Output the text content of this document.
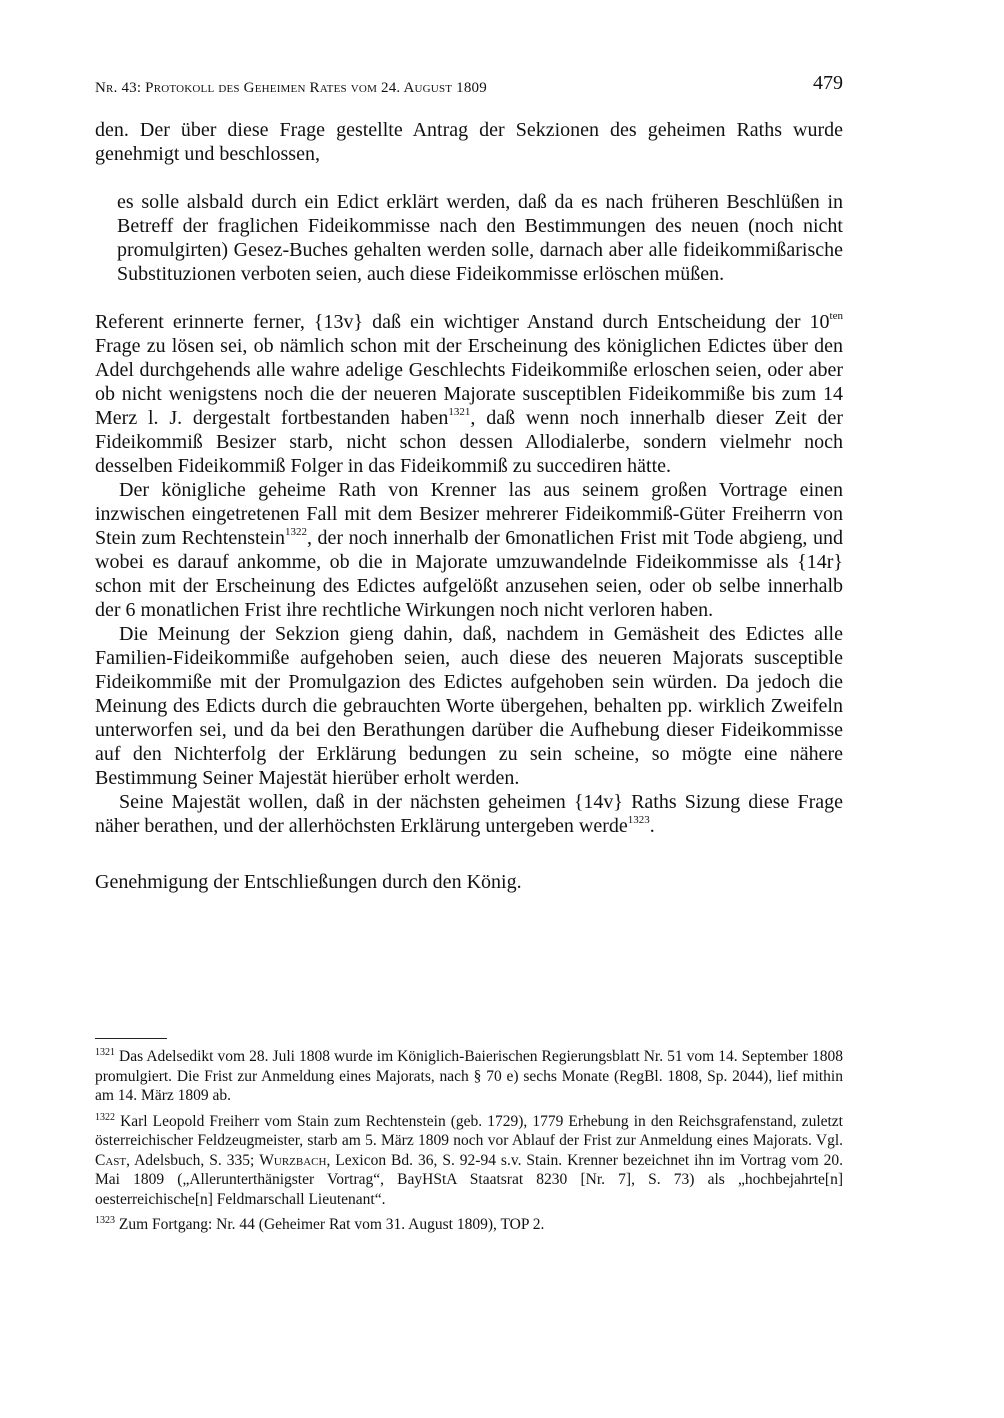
Nr. 43: Protokoll des Geheimen Rates vom 24. August 1809	479

den. Der über diese Frage gestellte Antrag der Sekzionen des geheimen Raths wurde genehmigt und beschlossen,

es solle alsbald durch ein Edict erklärt werden, daß da es nach früheren Beschlüßen in Betreff der fraglichen Fideikommisse nach den Bestimmungen des neuen (noch nicht promulgirten) Gesez-Buches gehalten werden solle, darnach aber alle fideikommißarische Substituzionen verboten seien, auch diese Fideikommisse erlöschen müßen.

Referent erinnerte ferner, {13v} daß ein wichtiger Anstand durch Entscheidung der $10^{ten}$ Frage zu lösen sei, ob nämlich schon mit der Erscheinung des königlichen Edictes über den Adel durchgehends alle wahre adelige Geschlechts Fideikommiße erloschen seien, oder aber ob nicht wenigstens noch die der neueren Majorate susceptiblen Fideikommiße bis zum 14 Merz l. J. dergestalt fortbestanden haben$^{1321}$, daß wenn noch innerhalb dieser Zeit der Fideikommiß Besizer starb, nicht schon dessen Allodialerbe, sondern vielmehr noch desselben Fideikommiß Folger in das Fideikommiß zu succediren hätte.

Der königliche geheime Rath von Krenner las aus seinem großen Vortrage einen inzwischen eingetretenen Fall mit dem Besizer mehrerer Fideikommiß-Güter Freiherrn von Stein zum Rechtenstein$^{1322}$, der noch innerhalb der 6monatlichen Frist mit Tode abgieng, und wobei es darauf ankomme, ob die in Majorate umzuwandelnde Fideikommisse als {14r} schon mit der Erscheinung des Edictes aufgelößt anzusehen seien, oder ob selbe innerhalb der 6 monatlichen Frist ihre rechtliche Wirkungen noch nicht verloren haben.

Die Meinung der Sekzion gieng dahin, daß, nachdem in Gemäsheit des Edictes alle Familien-Fideikommiße aufgehoben seien, auch diese des neueren Majorats susceptible Fideikommiße mit der Promulgazion des Edictes aufgehoben sein würden. Da jedoch die Meinung des Edicts durch die gebrauchten Worte übergehen, behalten pp. wirklich Zweifeln unterworfen sei, und da bei den Berathungen darüber die Aufhebung dieser Fideikommisse auf den Nichterfolg der Erklärung bedungen zu sein scheine, so mögte eine nähere Bestimmung Seiner Majestät hierüber erholt werden.

Seine Majestät wollen, daß in der nächsten geheimen {14v} Raths Sizung diese Frage näher berathen, und der allerhöchsten Erklärung untergeben werde$^{1323}$.

Genehmigung der Entschließungen durch den König.

$^{1321}$ Das Adelsedikt vom 28. Juli 1808 wurde im Königlich-Baierischen Regierungsblatt Nr. 51 vom 14. September 1808 promulgiert. Die Frist zur Anmeldung eines Majorats, nach § 70 e) sechs Monate (RegBl. 1808, Sp. 2044), lief mithin am 14. März 1809 ab.

$^{1322}$ Karl Leopold Freiherr vom Stain zum Rechtenstein (geb. 1729), 1779 Erhebung in den Reichsgrafenstand, zuletzt österreichischer Feldzeugmeister, starb am 5. März 1809 noch vor Ablauf der Frist zur Anmeldung eines Majorats. Vgl. Cast, Adelsbuch, S. 335; Wurzbach, Lexicon Bd. 36, S. 92-94 s.v. Stain. Krenner bezeichnet ihn im Vortrag vom 20. Mai 1809 („Allerunterthänigster Vortrag“, BayHStA Staatsrat 8230 [Nr. 7], S. 73) als „hochbejahrte[n] oesterreichische[n] Feldmarschall Lieutenant“.

$^{1323}$ Zum Fortgang: Nr. 44 (Geheimer Rat vom 31. August 1809), TOP 2.
